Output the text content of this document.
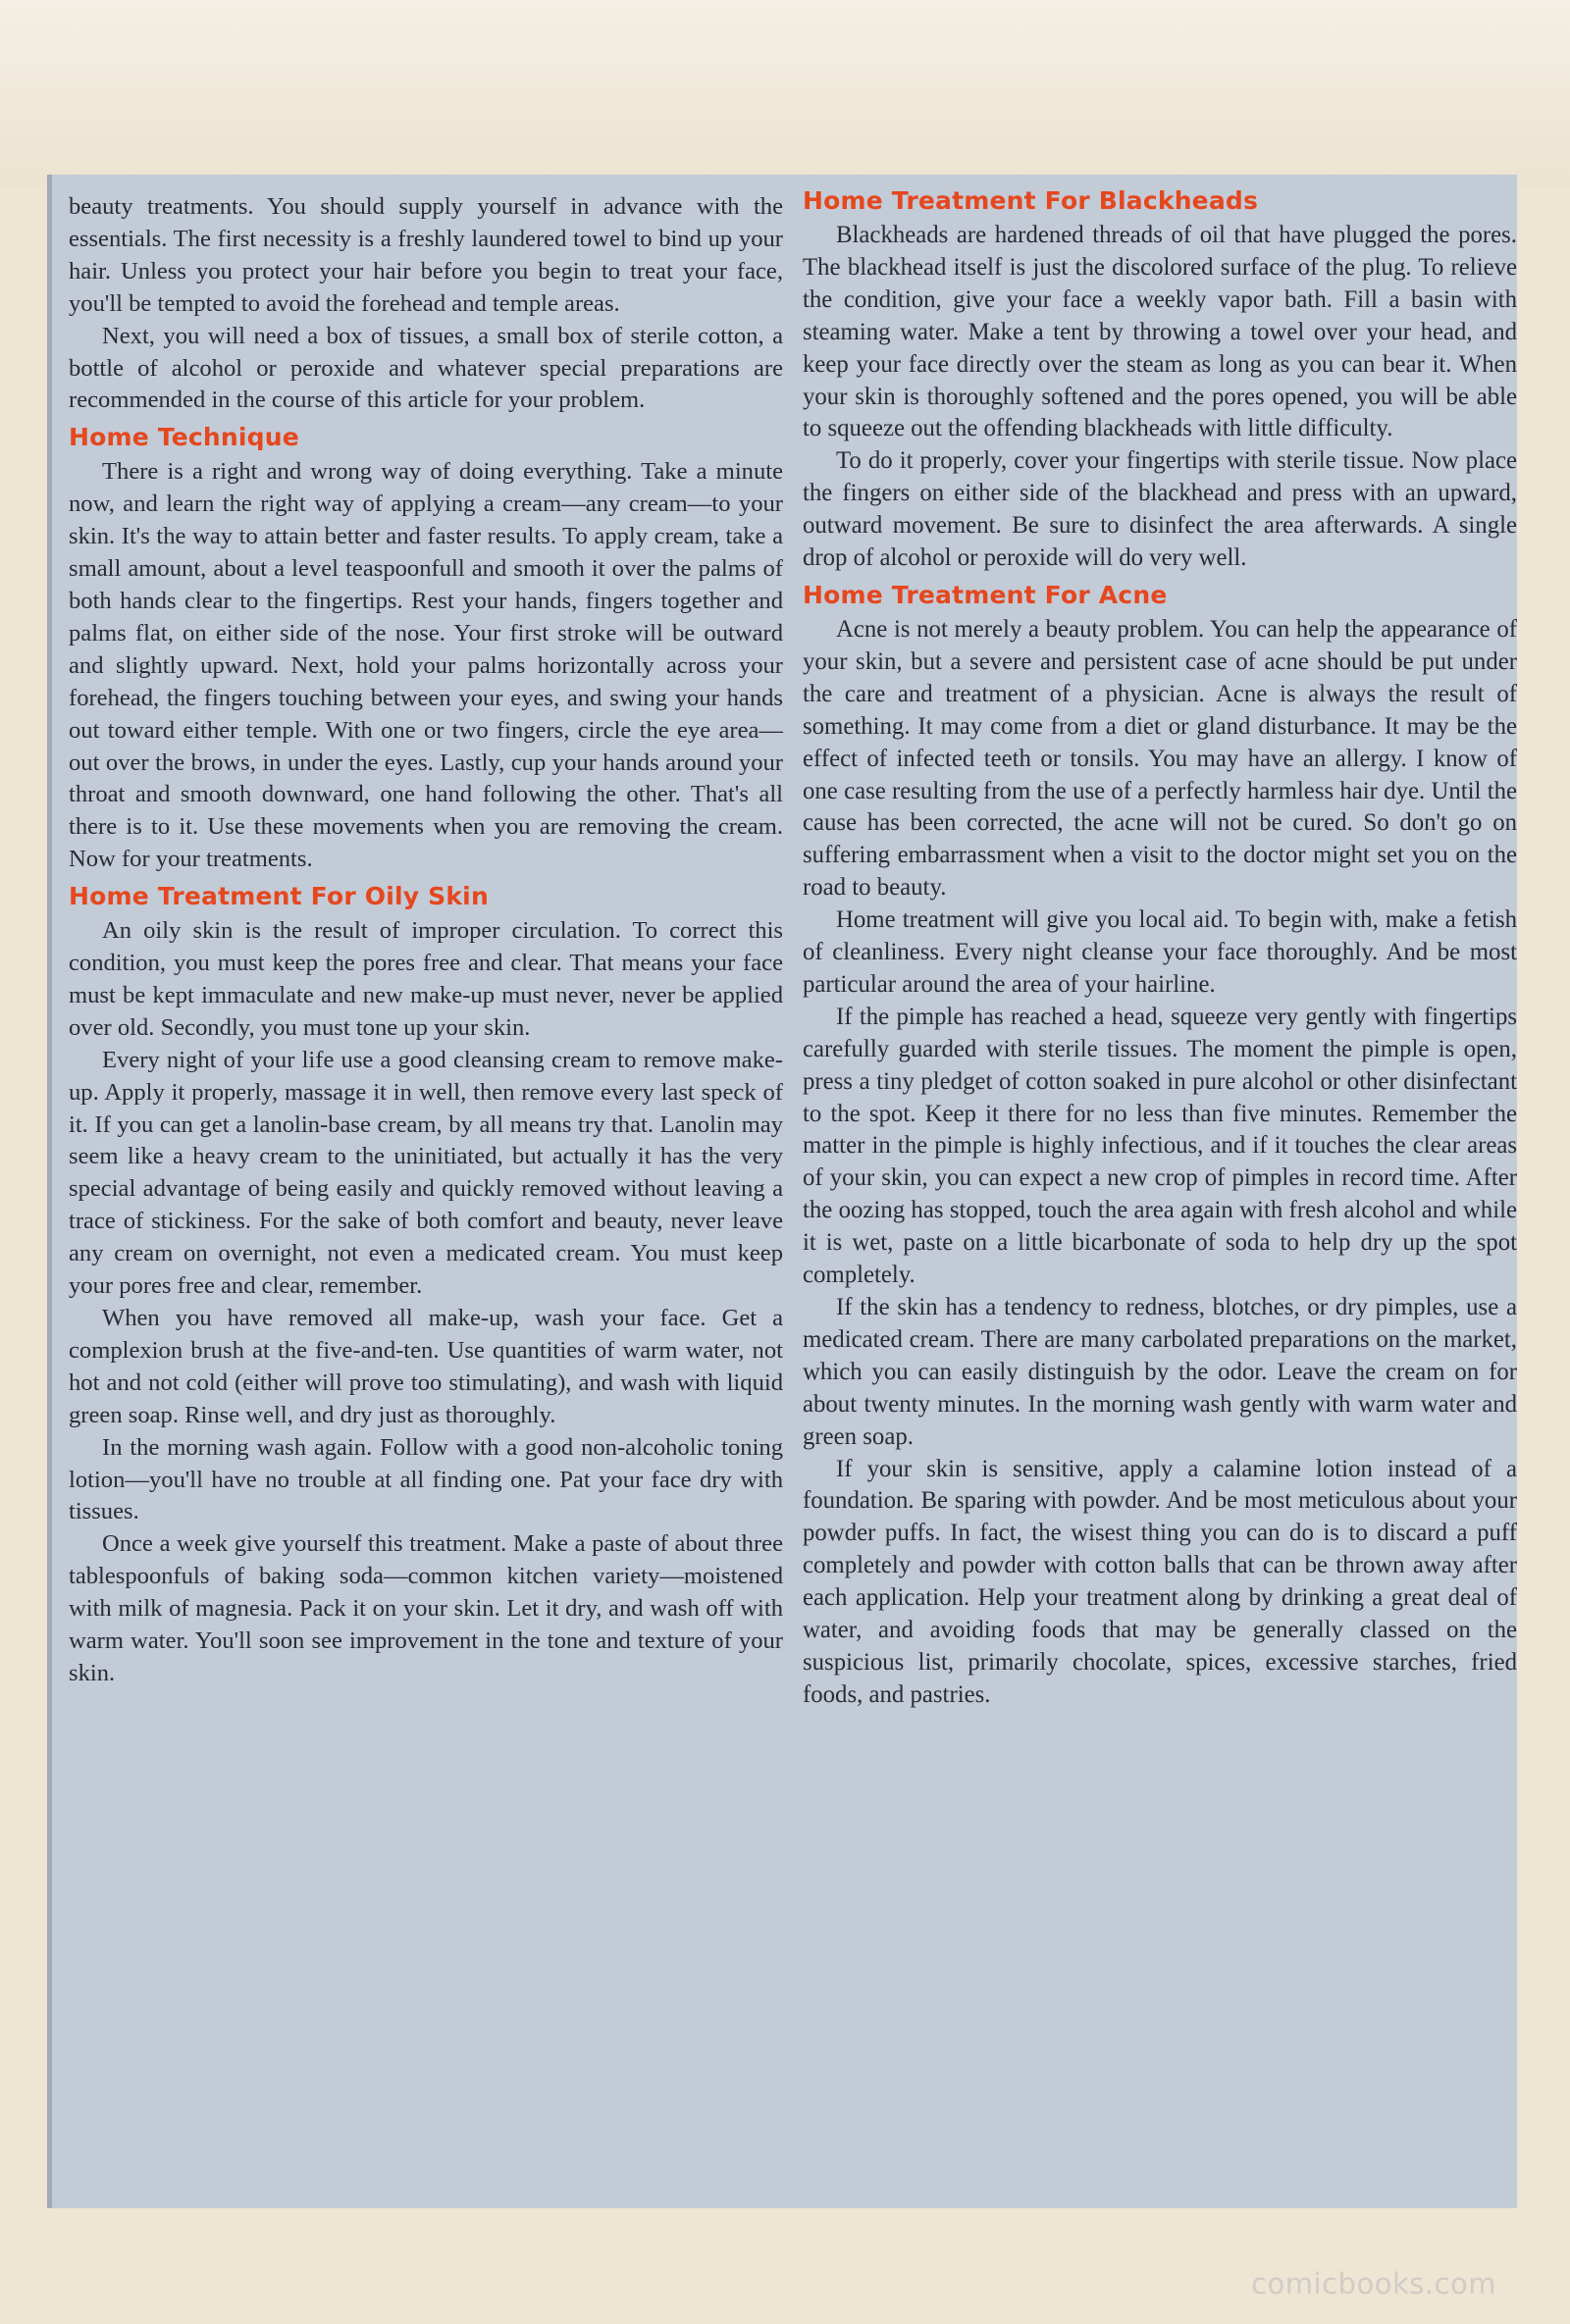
beauty treatments. You should supply yourself in advance with the essentials. The first necessity is a freshly laundered towel to bind up your hair. Unless you protect your hair before you begin to treat your face, you'll be tempted to avoid the forehead and temple areas.

Next, you will need a box of tissues, a small box of sterile cotton, a bottle of alcohol or peroxide and whatever special preparations are recommended in the course of this article for your problem.

Home Technique

There is a right and wrong way of doing everything. Take a minute now, and learn the right way of applying a cream—any cream—to your skin. It's the way to attain better and faster results. To apply cream, take a small amount, about a level teaspoonfull and smooth it over the palms of both hands clear to the fingertips. Rest your hands, fingers together and palms flat, on either side of the nose. Your first stroke will be outward and slightly upward. Next, hold your palms horizontally across your forehead, the fingers touching between your eyes, and swing your hands out toward either temple. With one or two fingers, circle the eye area—out over the brows, in under the eyes. Lastly, cup your hands around your throat and smooth downward, one hand following the other. That's all there is to it. Use these movements when you are removing the cream. Now for your treatments.

Home Treatment For Oily Skin

An oily skin is the result of improper circulation. To correct this condition, you must keep the pores free and clear. That means your face must be kept immaculate and new make-up must never, never be applied over old. Secondly, you must tone up your skin.

Every night of your life use a good cleansing cream to remove make-up. Apply it properly, massage it in well, then remove every last speck of it. If you can get a lanolin-base cream, by all means try that. Lanolin may seem like a heavy cream to the uninitiated, but actually it has the very special advantage of being easily and quickly removed without leaving a trace of stickiness. For the sake of both comfort and beauty, never leave any cream on overnight, not even a medicated cream. You must keep your pores free and clear, remember.

When you have removed all make-up, wash your face. Get a complexion brush at the five-and-ten. Use quantities of warm water, not hot and not cold (either will prove too stimulating), and wash with liquid green soap. Rinse well, and dry just as thoroughly.

In the morning wash again. Follow with a good non-alcoholic toning lotion—you'll have no trouble at all finding one. Pat your face dry with tissues.

Once a week give yourself this treatment. Make a paste of about three tablespoonfuls of baking soda—common kitchen variety—moistened with milk of magnesia. Pack it on your skin. Let it dry, and wash off with warm water. You'll soon see improvement in the tone and texture of your skin.

Home Treatment For Blackheads

Blackheads are hardened threads of oil that have plugged the pores. The blackhead itself is just the discolored surface of the plug. To relieve the condition, give your face a weekly vapor bath. Fill a basin with steaming water. Make a tent by throwing a towel over your head, and keep your face directly over the steam as long as you can bear it. When your skin is thoroughly softened and the pores opened, you will be able to squeeze out the offending blackheads with little difficulty.

To do it properly, cover your fingertips with sterile tissue. Now place the fingers on either side of the blackhead and press with an upward, outward movement. Be sure to disinfect the area afterwards. A single drop of alcohol or peroxide will do very well.

Home Treatment For Acne

Acne is not merely a beauty problem. You can help the appearance of your skin, but a severe and persistent case of acne should be put under the care and treatment of a physician. Acne is always the result of something. It may come from a diet or gland disturbance. It may be the effect of infected teeth or tonsils. You may have an allergy. I know of one case resulting from the use of a perfectly harmless hair dye. Until the cause has been corrected, the acne will not be cured. So don't go on suffering embarrassment when a visit to the doctor might set you on the road to beauty.

Home treatment will give you local aid. To begin with, make a fetish of cleanliness. Every night cleanse your face thoroughly. And be most particular around the area of your hairline.

If the pimple has reached a head, squeeze very gently with fingertips carefully guarded with sterile tissues. The moment the pimple is open, press a tiny pledget of cotton soaked in pure alcohol or other disinfectant to the spot. Keep it there for no less than five minutes. Remember the matter in the pimple is highly infectious, and if it touches the clear areas of your skin, you can expect a new crop of pimples in record time. After the oozing has stopped, touch the area again with fresh alcohol and while it is wet, paste on a little bicarbonate of soda to help dry up the spot completely.

If the skin has a tendency to redness, blotches, or dry pimples, use a medicated cream. There are many carbolated preparations on the market, which you can easily distinguish by the odor. Leave the cream on for about twenty minutes. In the morning wash gently with warm water and green soap.

If your skin is sensitive, apply a calamine lotion instead of a foundation. Be sparing with powder. And be most meticulous about your powder puffs. In fact, the wisest thing you can do is to discard a puff completely and powder with cotton balls that can be thrown away after each application. Help your treatment along by drinking a great deal of water, and avoiding foods that may be generally classed on the suspicious list, primarily chocolate, spices, excessive starches, fried foods, and pastries.

comicbooks.com
